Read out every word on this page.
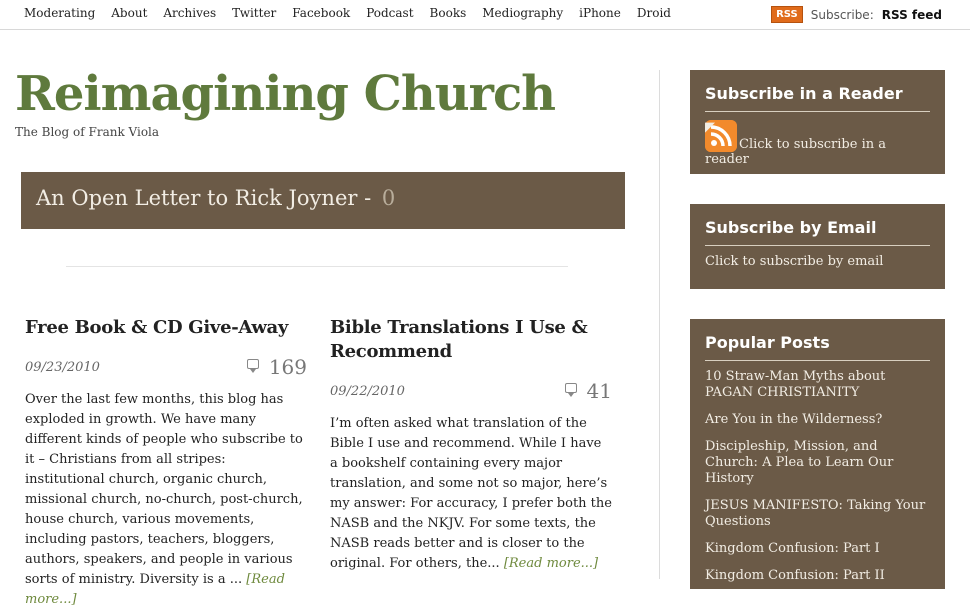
Moderating About Archives Twitter Facebook Podcast Books Mediography iPhone Droid	RSS	Subscribe: RSS feed
Reimagining Church
The Blog of Frank Viola
An Open Letter to Rick Joyner - 0
Free Book & CD Give-Away
09/23/2010	169

Over the last few months, this blog has exploded in growth. We have many different kinds of people who subscribe to it – Christians from all stripes: institutional church, organic church, missional church, no-church, post-church, house church, various movements, including pastors, teachers, bloggers, authors, speakers, and people in various sorts of ministry. Diversity is a ... [Read more...]

Bible Translations I Use & Recommend
09/22/2010	41

I’m often asked what translation of the Bible I use and recommend. While I have a bookshelf containing every major translation, and some not so major, here’s my answer: For accuracy, I prefer both the NASB and the NKJV. For some texts, the NASB reads better and is closer to the original. For others, the... [Read more...]

Subscribe in a Reader
◤ Click to subscribe in a reader
Subscribe by Email
Click to subscribe by email
Popular Posts
10 Straw-Man Myths about PAGAN CHRISTIANITY
Are You in the Wilderness?
Discipleship, Mission, and Church: A Plea to Learn Our History
JESUS MANIFESTO: Taking Your Questions
Kingdom Confusion: Part I
Kingdom Confusion: Part II
